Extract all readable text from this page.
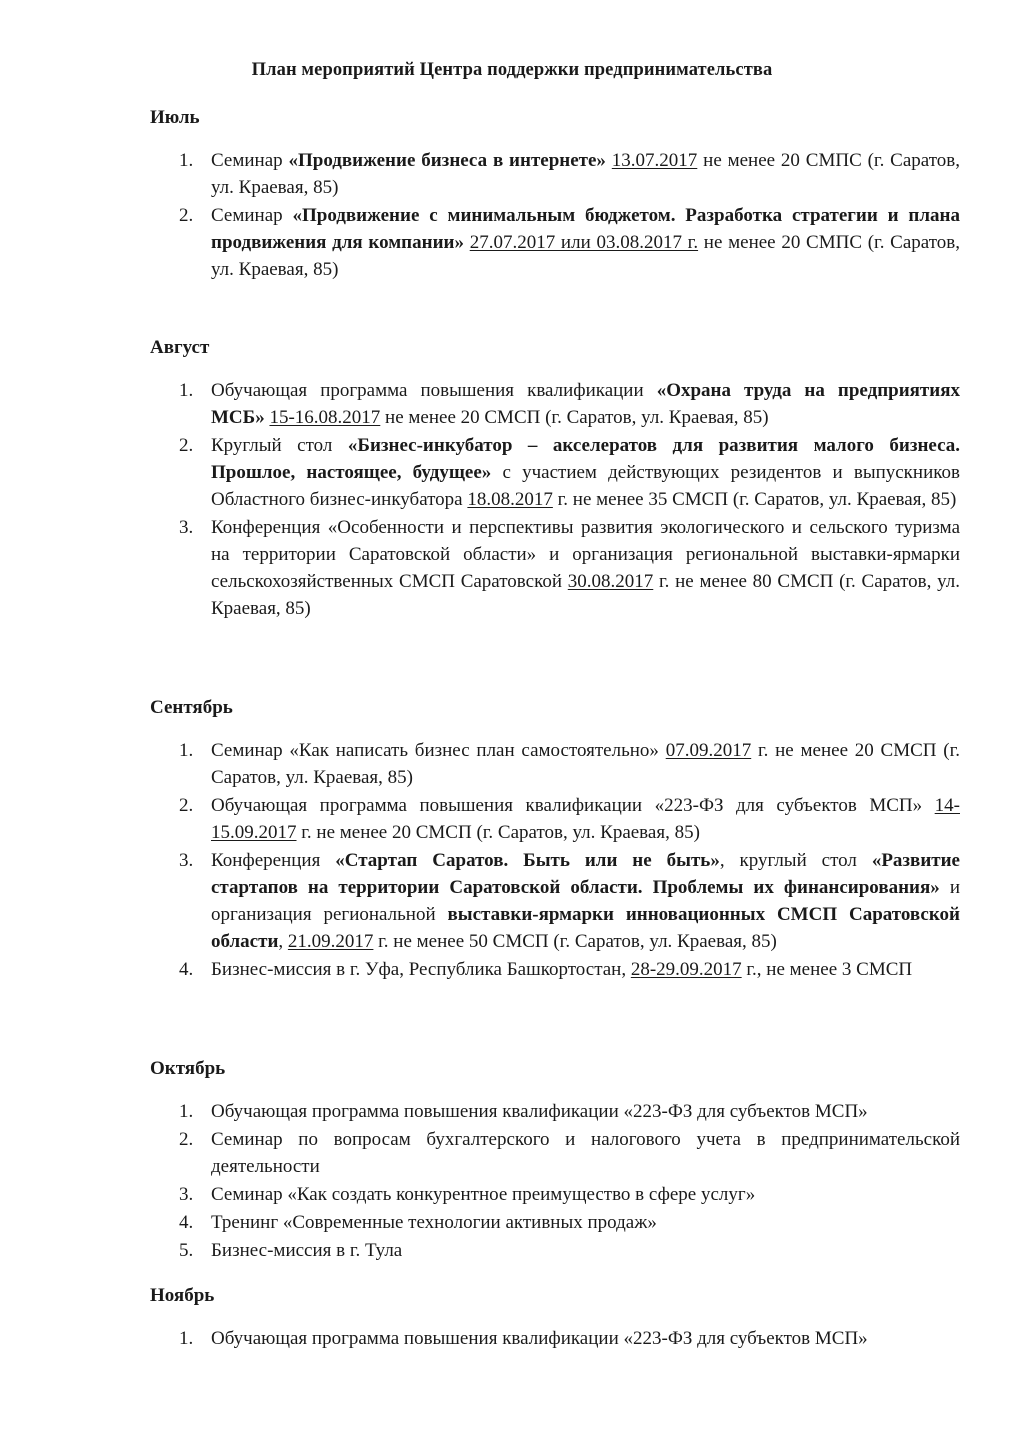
План мероприятий Центра поддержки предпринимательства
Июль
1. Семинар «Продвижение бизнеса в интернете» 13.07.2017 не менее 20 СМПС (г. Саратов, ул. Краевая, 85)
2. Семинар «Продвижение с минимальным бюджетом. Разработка стратегии и плана продвижения для компании» 27.07.2017 или 03.08.2017 г. не менее 20 СМПС (г. Саратов, ул. Краевая, 85)
Август
1. Обучающая программа повышения квалификации «Охрана труда на предприятиях МСБ» 15-16.08.2017 не менее 20 СМСП (г. Саратов, ул. Краевая, 85)
2. Круглый стол «Бизнес-инкубатор – акселератов для развития малого бизнеса. Прошлое, настоящее, будущее» с участием действующих резидентов и выпускников Областного бизнес-инкубатора 18.08.2017 г. не менее 35 СМСП (г. Саратов, ул. Краевая, 85)
3. Конференция «Особенности и перспективы развития экологического и сельского туризма на территории Саратовской области» и организация региональной выставки-ярмарки сельскохозяйственных СМСП Саратовской 30.08.2017 г. не менее 80 СМСП (г. Саратов, ул. Краевая, 85)
Сентябрь
1. Семинар «Как написать бизнес план самостоятельно» 07.09.2017 г. не менее 20 СМСП (г. Саратов, ул. Краевая, 85)
2. Обучающая программа повышения квалификации «223-ФЗ для субъектов МСП» 14-15.09.2017 г. не менее 20 СМСП (г. Саратов, ул. Краевая, 85)
3. Конференция «Стартап Саратов. Быть или не быть», круглый стол «Развитие стартапов на территории Саратовской области. Проблемы их финансирования» и организация региональной выставки-ярмарки инновационных СМСП Саратовской области, 21.09.2017 г. не менее 50 СМСП (г. Саратов, ул. Краевая, 85)
4. Бизнес-миссия в г. Уфа, Республика Башкортостан, 28-29.09.2017 г., не менее 3 СМСП
Октябрь
1. Обучающая программа повышения квалификации «223-ФЗ для субъектов МСП»
2. Семинар по вопросам бухгалтерского и налогового учета в предпринимательской деятельности
3. Семинар «Как создать конкурентное преимущество в сфере услуг»
4. Тренинг «Современные технологии активных продаж»
5. Бизнес-миссия в г. Тула
Ноябрь
1. Обучающая программа повышения квалификации «223-ФЗ для субъектов МСП»
